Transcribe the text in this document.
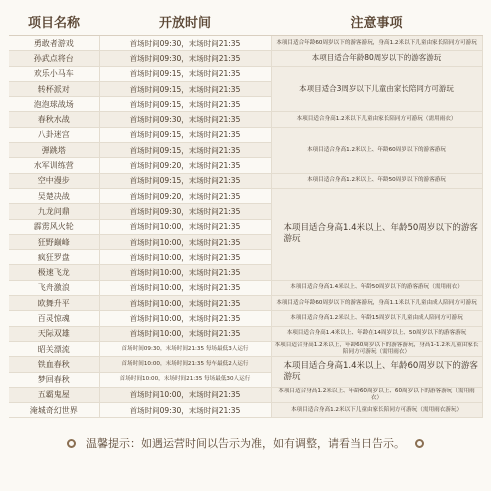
项目名称	开放时间	注意事项
勇敢者游戏	首场时间09:30，末场时间21:35	本项目适合年龄60周岁以下的游客游玩，身高1.2米以下儿童由家长陪同方可游玩
孙武点将台	首场时间09:30，末场时间21:35	本项目适合年龄80周岁以下的游客游玩
欢乐小马车	首场时间09:15，末场时间21:35	本项目适合3周岁以下儿童由家长陪同方可游玩
转杯派对	首场时间09:15，末场时间21:35	
泡泡球战场	首场时间09:15，末场时间21:35	
春秋水战	首场时间09:30，末场时间21:35	本项目适合身高1.2米以下儿童由家长陪同方可游玩（需用雨衣）
八卦迷宫	首场时间09:15，末场时间21:35	本项目适合身高1.2米以上、年龄60周岁以下的游客游玩
弹跳塔	首场时间09:15，末场时间21:35	
水军训练营	首场时间09:20，末场时间21:35	
空中漫步	首场时间09:15，末场时间21:35	本项目适合身高1.2米以上、年龄50周岁以下的游客游玩
吴楚决战	首场时间09:20，末场时间21:35	本项目适合身高1.4米以上、年龄50周岁以下的游客游玩
九龙问鼎	首场时间09:30，末场时间21:35	
霹雳风火轮	首场时间10:00，末场时间21:35	
狂野巅峰	首场时间10:00，末场时间21:35	
疯狂罗盘	首场时间10:00，末场时间21:35	
极速飞龙	首场时间10:00，末场时间21:35	
飞舟激浪	首场时间10:00，末场时间21:35	本项目适合身高1.4米以上、年龄50周岁以下的游客游玩（需用雨衣）
欧舞升平	首场时间10:00，末场时间21:35	本项目适合年龄60周岁以下的游客游玩，身高1.1米以下儿童由成人陪同方可游玩
百灵惊魂	首场时间10:00，末场时间21:35	本项目适合身高1.2米以上、年龄15周岁以下儿童由成人陪同方可游玩
天际双雄	首场时间10:00，末场时间21:35	本项目适合身高1.4米以上、年龄在14周岁以上、50周岁以下的游客游玩
昭关漂流	首场时间09:30，末场时间21:35 每场最低3人运行	本项目适合身高1.2米以上，年龄60周岁以下的游客游玩，身高1-1.2米儿童由家长陪同方可游玩（需用雨衣）
铁血春秋	首场时间10:00，末场时间21:35 每车最低2人运行	本项目适合身高1.4米以上、年龄60周岁以下的游客游玩
梦回春秋	首场时间10:00，末场时间21:35 每场最低30人运行	
五霸鬼屋	首场时间10:00，末场时间21:35	本项目适合身高1.2米以上、年龄60周岁以上、60周岁以下的游客游玩（需用雨衣）
淹城奇幻世界	首场时间09:30，末场时间21:35	本项目适合身高1.2米以下儿童由家长陪同方可游玩（需用雨衣游玩）
温馨提示：如遇运营时间以告示为准，如有调整，请看当日告示。
